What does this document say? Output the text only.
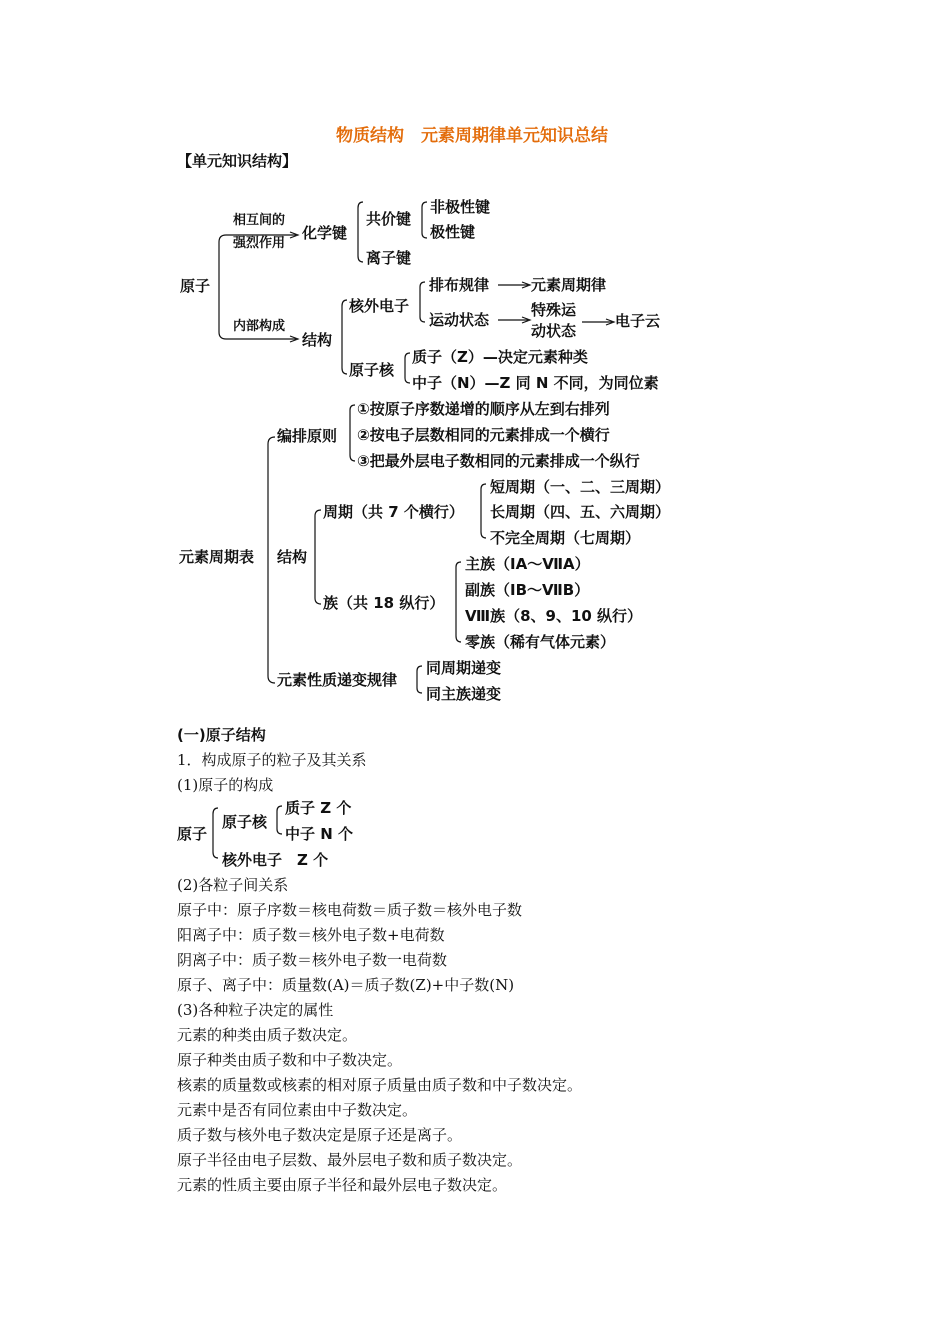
物质结构　元素周期律单元知识总结
【单元知识结构】
原子
相互间的
强烈作用
化学键
共价键
非极性键
极性键
离子键
内部构成
结构
核外电子
排布规律	元素周期律
运动状态
特殊运
动状态
电子云
原子核
质子（Z）—决定元素种类
中子（N）—Z 同 N 不同，为同位素
元素周期表
编排原则
①按原子序数递增的顺序从左到右排列
②按电子层数相同的元素排成一个横行
③把最外层电子数相同的元素排成一个纵行
结构
周期（共 7 个横行）
短周期（一、二、三周期）
长周期（四、五、六周期）
不完全周期（七周期）
族（共 18 纵行）
主族（ⅠA～ⅦA）
副族（ⅠB～ⅦB）
Ⅷ族（8、9、10 纵行）
零族（稀有气体元素）
元素性质递变规律
同周期递变
同主族递变
(一)原子结构
1．构成原子的粒子及其关系
(1)原子的构成
原子
原子核
质子 Z 个
中子 N 个
核外电子　Z 个
(2)各粒子间关系
原子中：原子序数＝核电荷数＝质子数＝核外电子数
阳离子中：质子数＝核外电子数+电荷数
阴离子中：质子数＝核外电子数一电荷数
原子、离子中：质量数(A)＝质子数(Z)+中子数(N)
(3)各种粒子决定的属性
元素的种类由质子数决定。
原子种类由质子数和中子数决定。
核素的质量数或核素的相对原子质量由质子数和中子数决定。
元素中是否有同位素由中子数决定。
质子数与核外电子数决定是原子还是离子。
原子半径由电子层数、最外层电子数和质子数决定。
元素的性质主要由原子半径和最外层电子数决定。
